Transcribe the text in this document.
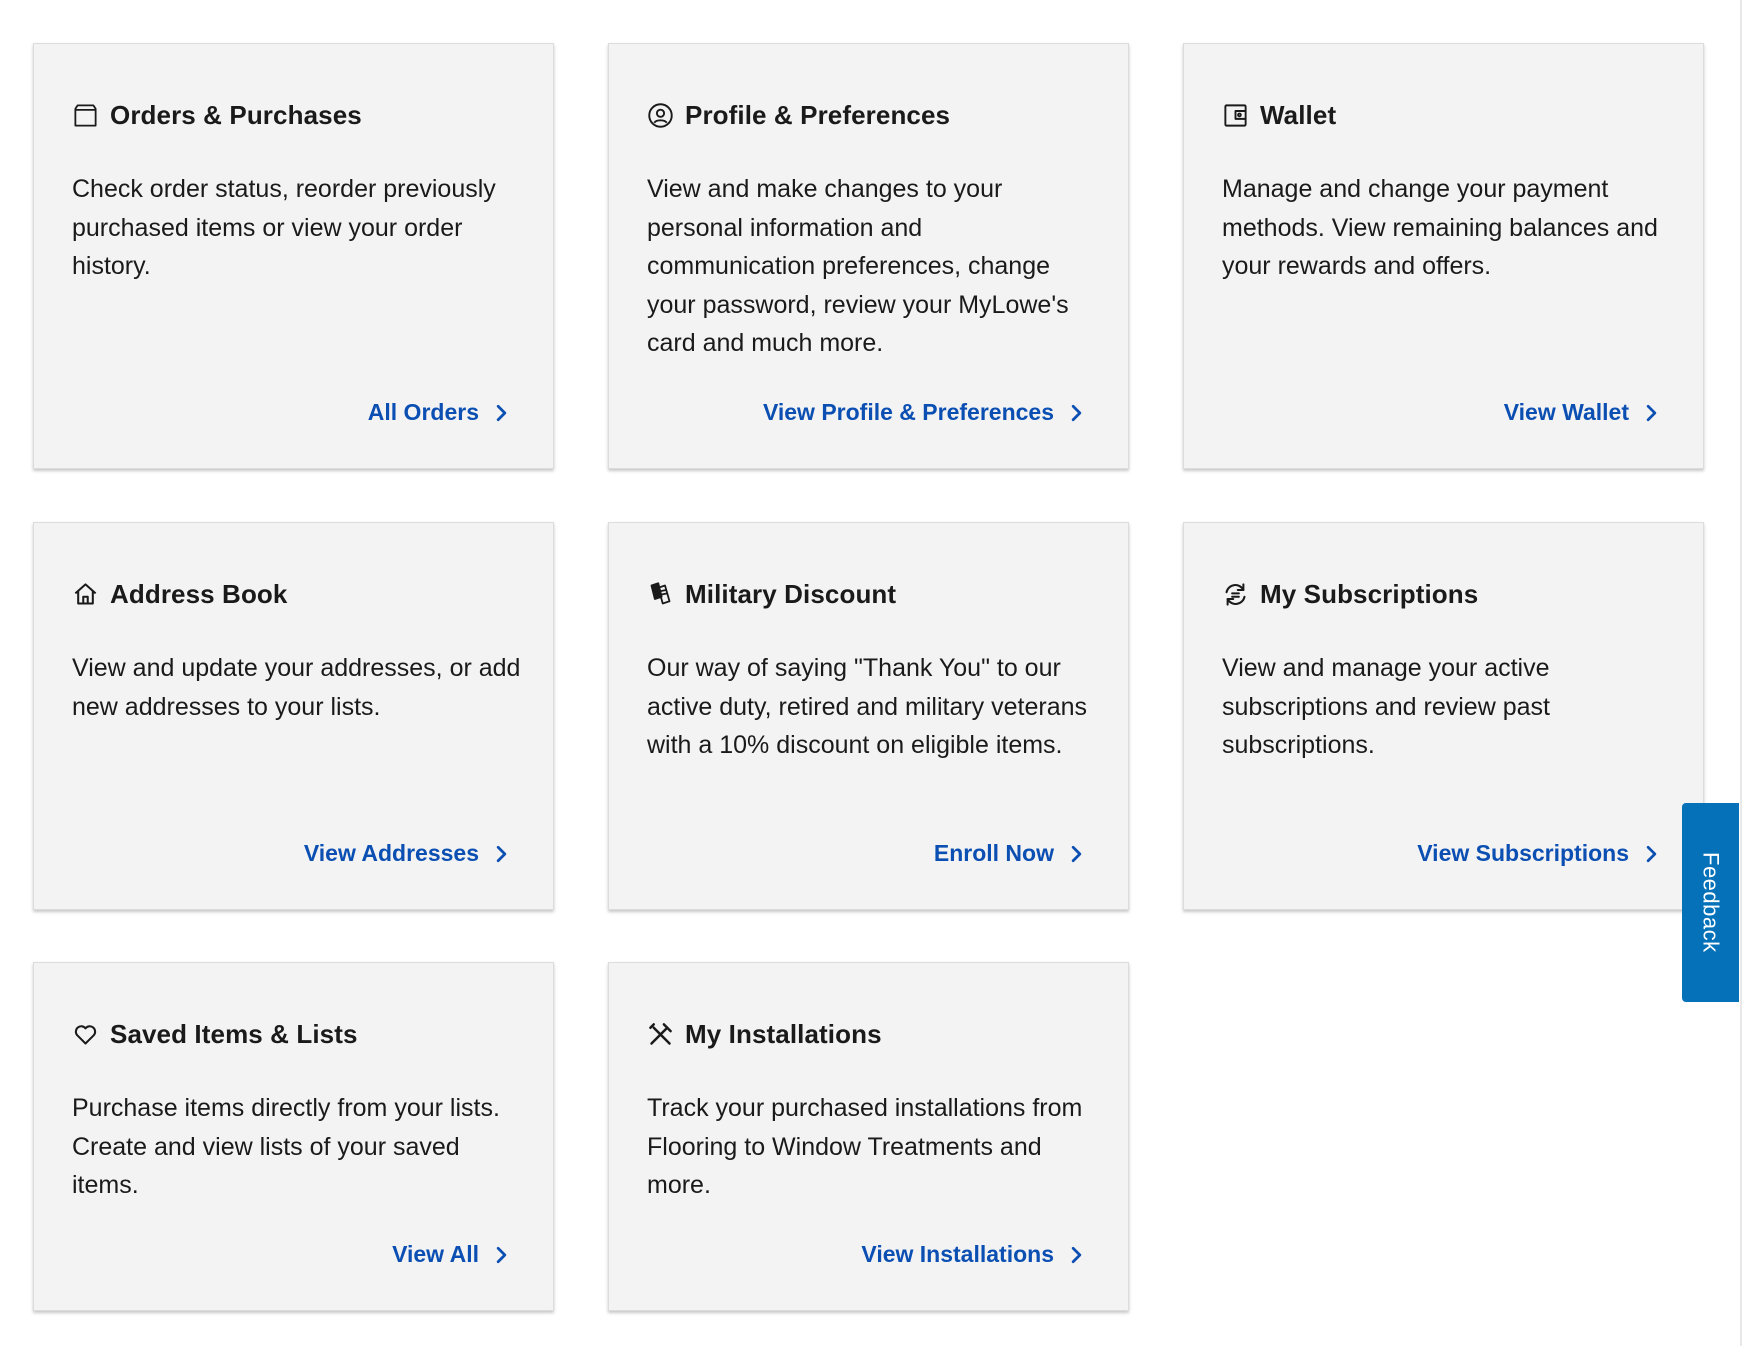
Orders & Purchases
Check order status, reorder previously purchased items or view your order history.
All Orders
Profile & Preferences
View and make changes to your personal information and communication preferences, change your password, review your MyLowe's card and much more.
View Profile & Preferences
Wallet
Manage and change your payment methods. View remaining balances and your rewards and offers.
View Wallet
Address Book
View and update your addresses, or add new addresses to your lists.
View Addresses
Military Discount
Our way of saying "Thank You" to our active duty, retired and military veterans with a 10% discount on eligible items.
Enroll Now
My Subscriptions
View and manage your active subscriptions and review past subscriptions.
View Subscriptions
Saved Items & Lists
Purchase items directly from your lists. Create and view lists of your saved items.
View All
My Installations
Track your purchased installations from Flooring to Window Treatments and more.
View Installations
Feedback
